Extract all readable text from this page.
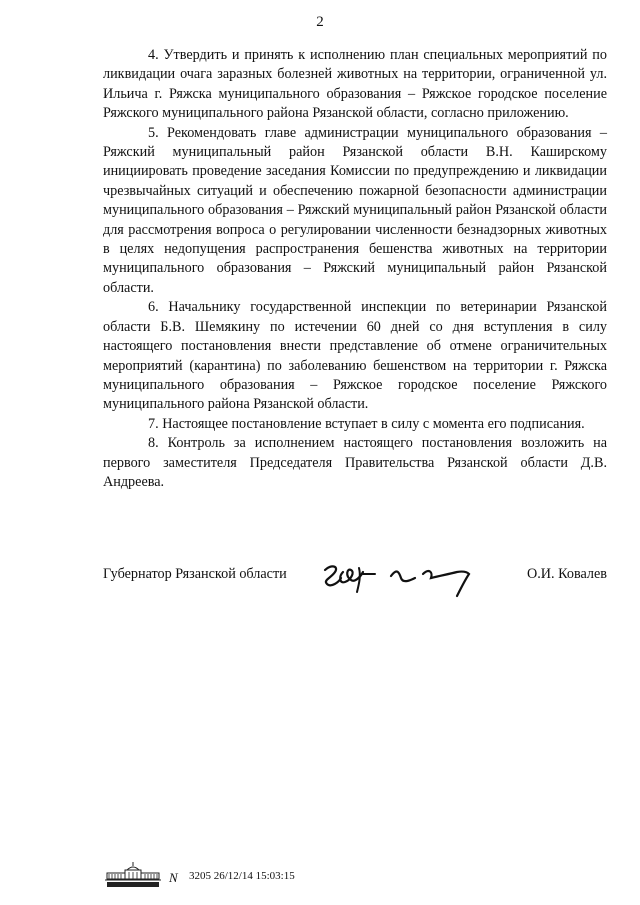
2

4. Утвердить и принять к исполнению план специальных мероприятий по ликвидации очага заразных болезней животных на территории, ограниченной ул. Ильича г. Ряжска муниципального образования – Ряжское городское поселение Ряжского муниципального района Рязанской области, согласно приложению.

5. Рекомендовать главе администрации муниципального образования – Ряжский муниципальный район Рязанской области В.Н. Каширскому инициировать проведение заседания Комиссии по предупреждению и ликвидации чрезвычайных ситуаций и обеспечению пожарной безопасности администрации муниципального образования – Ряжский муниципальный район Рязанской области для рассмотрения вопроса о регулировании численности безнадзорных животных в целях недопущения распространения бешенства животных на территории муниципального образования – Ряжский муниципальный район Рязанской области.

6. Начальнику государственной инспекции по ветеринарии Рязанской области Б.В. Шемякину по истечении 60 дней со дня вступления в силу настоящего постановления внести представление об отмене ограничительных мероприятий (карантина) по заболеванию бешенством на территории г. Ряжска муниципального образования – Ряжское городское поселение Ряжского муниципального района Рязанской области.

7. Настоящее постановление вступает в силу с момента его подписания.

8. Контроль за исполнением настоящего постановления возложить на первого заместителя Председателя Правительства Рязанской области Д.В. Андреева.

Губернатор Рязанской области	О.И. Ковалев
N 3205 26/12/14 15:03:15
